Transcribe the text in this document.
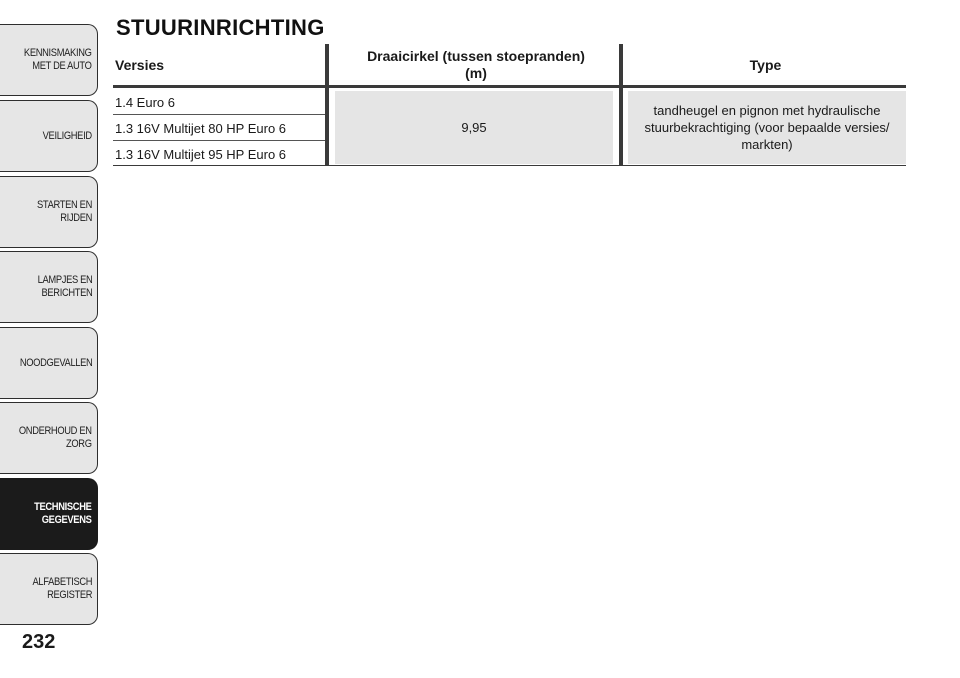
KENNISMAKING
MET DE AUTO
VEILIGHEID
STARTEN EN RIJDEN
LAMPJES EN
BERICHTEN
NOODGEVALLEN
ONDERHOUD EN
ZORG
TECHNISCHE
GEGEVENS
ALFABETISCH
REGISTER
232
STUURINRICHTING
Versies
Draaicirkel (tussen stoepranden)
(m)	Type
1.4 Euro 6
1.3 16V Multijet 80 HP Euro 6
1.3 16V Multijet 95 HP Euro 6
9,95
tandheugel en pignon met hydraulische stuurbekrachtiging (voor bepaalde versies/ markten)
